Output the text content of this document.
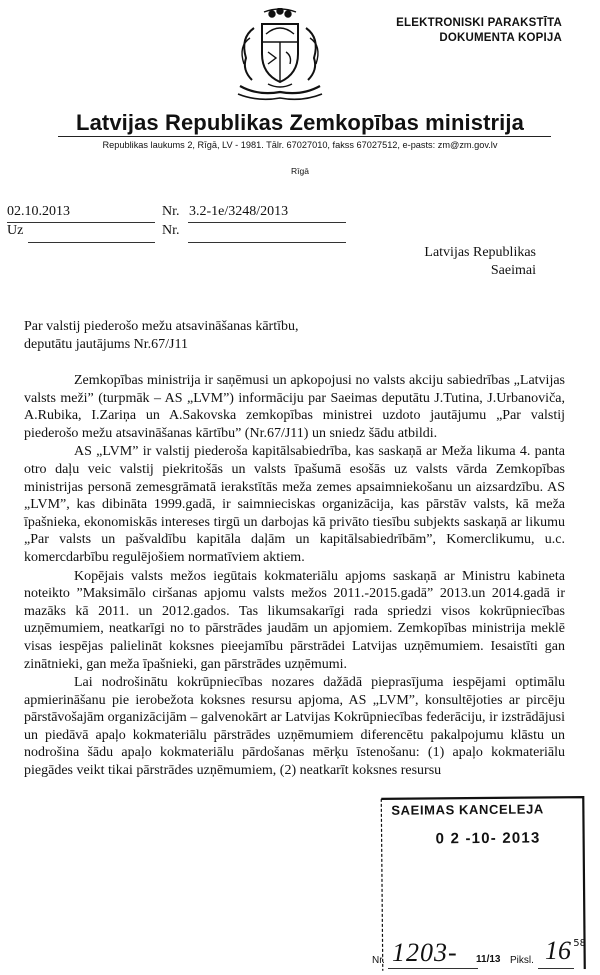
ELEKTRONISKI PARAKSTĪTA
DOKUMENTA KOPIJA
Latvijas Republikas Zemkopības ministrija
Republikas laukums 2, Rīgā, LV - 1981. Tālr. 67027010, fakss 67027512, e-pasts: zm@zm.gov.lv
Rīgā
02.10.2013	Nr. 3.2-1e/3248/2013
Uz	Nr.
Latvijas Republikas
Saeimai
Par valstij piederošo mežu atsavināšanas kārtību,
deputātu jautājums Nr.67/J11

Zemkopības ministrija ir saņēmusi un apkopojusi no valsts akciju sabiedrības „Latvijas valsts meži” (turpmāk – AS „LVM”) informāciju par Saeimas deputātu J.Tutina, J.Urbanoviča, A.Rubika, I.Zariņa un A.Sakovska zemkopības ministrei uzdoto jautājumu „Par valstij piederošo mežu atsavināšanas kārtību” (Nr.67/J11) un sniedz šādu atbildi.

AS „LVM” ir valstij piederoša kapitālsabiedrība, kas saskaņā ar Meža likuma 4. panta otro daļu veic valstij piekritošās un valsts īpašumā esošās uz valsts vārda Zemkopības ministrijas personā zemesgrāmatā ierakstītās meža zemes apsaimniekošanu un aizsardzību. AS „LVM”, kas dibināta 1999.gadā, ir saimnieciskas organizācija, kas pārstāv valsts, kā meža īpašnieka, ekonomiskās intereses tirgū un darbojas kā privāto tiesību subjekts saskaņā ar likumu „Par valsts un pašvaldību kapitāla daļām un kapitālsabiedrībām”, Komerclikumu, u.c. komercdarbību regulējošiem normatīviem aktiem.

Kopējais valsts mežos iegūtais kokmateriālu apjoms saskaņā ar Ministru kabineta noteikto ”Maksimālo ciršanas apjomu valsts mežos 2011.-2015.gadā” 2013.un 2014.gadā ir mazāks kā 2011. un 2012.gados. Tas likumsakarīgi rada spriedzi visos kokrūpniecības uzņēmumiem, neatkarīgi no to pārstrādes jaudām un apjomiem. Zemkopības ministrija meklē visas iespējas palielināt koksnes pieejamību pārstrādei Latvijas uzņēmumiem. Iesaistīti gan zinātnieki, gan meža īpašnieki, gan pārstrādes uzņēmumi.

Lai nodrošinātu kokrūpniecības nozares dažādā pieprasījuma iespējami optimālu apmierināšanu pie ierobežota koksnes resursu apjoma, AS „LVM”, konsultējoties ar pircēju pārstāvošajām organizācijām – galvenokārt ar Latvijas Kokrūpniecības federāciju, ir izstrādājusi un piedāvā apaļo kokmateriālu pārstrādes uzņēmumiem diferencētu pakalpojumu klāstu un nodrošina šādu apaļo kokmateriālu pārdošanas mērķu īstenošanu: (1) apaļo kokmateriālu piegādes veikt tikai pārstrādes uzņēmumiem, (2) neatkarīt koksnes resursu

SAEIMAS KANCELEJA
0 2 -10- 2013
Nr. 1203- 11/13 Piksl. 16 58
